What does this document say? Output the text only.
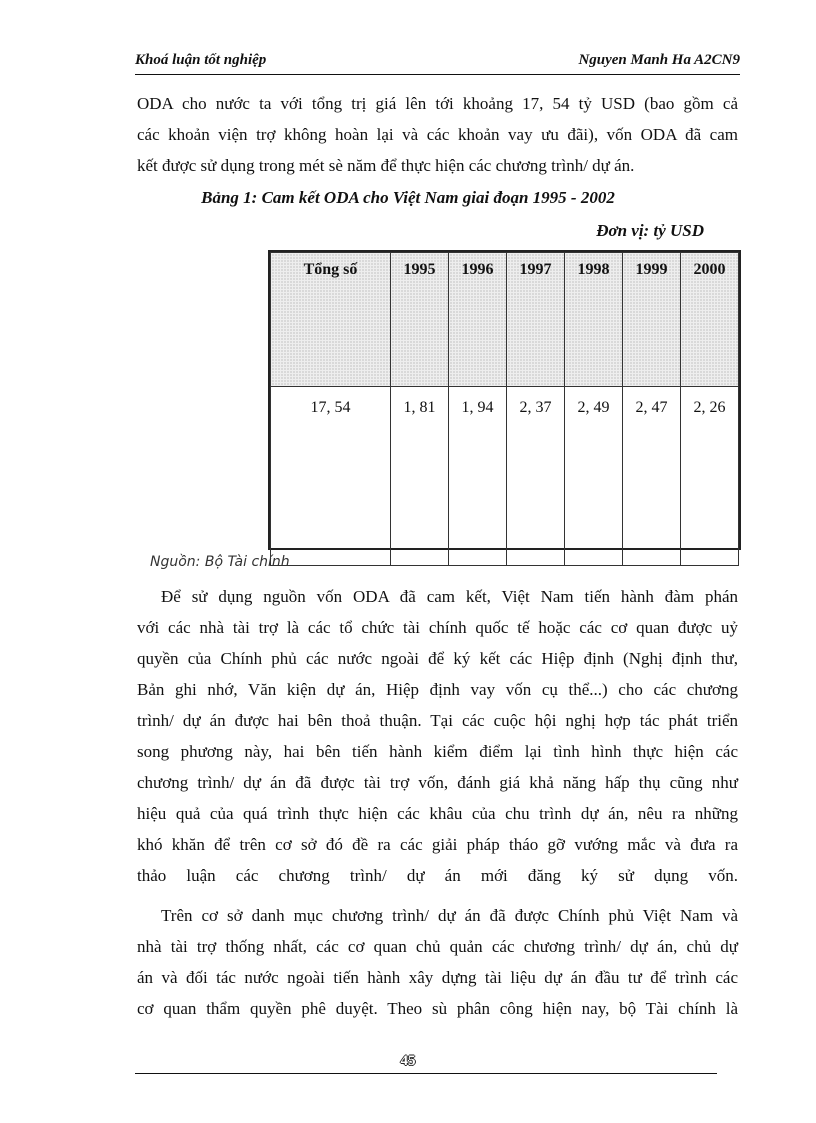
Khoá luận tốt nghiệp	Nguyen Manh Ha A2CN9
ODA cho nước ta với tổng trị giá lên tới khoảng 17, 54 tỷ USD (bao gồm cả
các khoản viện trợ không hoàn lại và các khoản vay ưu đãi), vốn ODA đã cam
kết được sử dụng trong mét sè năm để thực hiện các chương trình/ dự án.
Bảng 1: Cam kết ODA cho Việt Nam giai đoạn 1995 - 2002
Đơn vị: tỷ USD
Tổng số	1995	1996	1997	1998	1999	2000
17, 54	1, 81	1, 94	2, 37	2, 49	2, 47	2, 26
Nguồn: Bộ Tài chính
Để sử dụng nguồn vốn ODA đã cam kết, Việt Nam tiến hành đàm phán
với các nhà tài trợ là các tổ chức tài chính quốc tế hoặc các cơ quan được uỷ
quyền của Chính phủ các nước ngoài để ký kết các Hiệp định (Nghị định thư,
Bản ghi nhớ, Văn kiện dự án, Hiệp định vay vốn cụ thể...) cho các chương
trình/ dự án được hai bên thoả thuận. Tại các cuộc hội nghị hợp tác phát triển
song phương này, hai bên tiến hành kiểm điểm lại tình hình thực hiện các
chương trình/ dự án đã được tài trợ vốn, đánh giá khả năng hấp thụ cũng như
hiệu quả của quá trình thực hiện các khâu của chu trình dự án, nêu ra những
khó khăn để trên cơ sở đó đề ra các giải pháp tháo gỡ vướng mắc và đưa ra
thảo luận các chương trình/ dự án mới đăng ký sử dụng vốn.
Trên cơ sở danh mục chương trình/ dự án đã được Chính phủ Việt Nam và
nhà tài trợ thống nhất, các cơ quan chủ quản các chương trình/ dự án, chủ dự
án và đối tác nước ngoài tiến hành xây dựng tài liệu dự án đầu tư để trình các
cơ quan thẩm quyền phê duyệt. Theo sù phân công hiện nay, bộ Tài chính là
45
